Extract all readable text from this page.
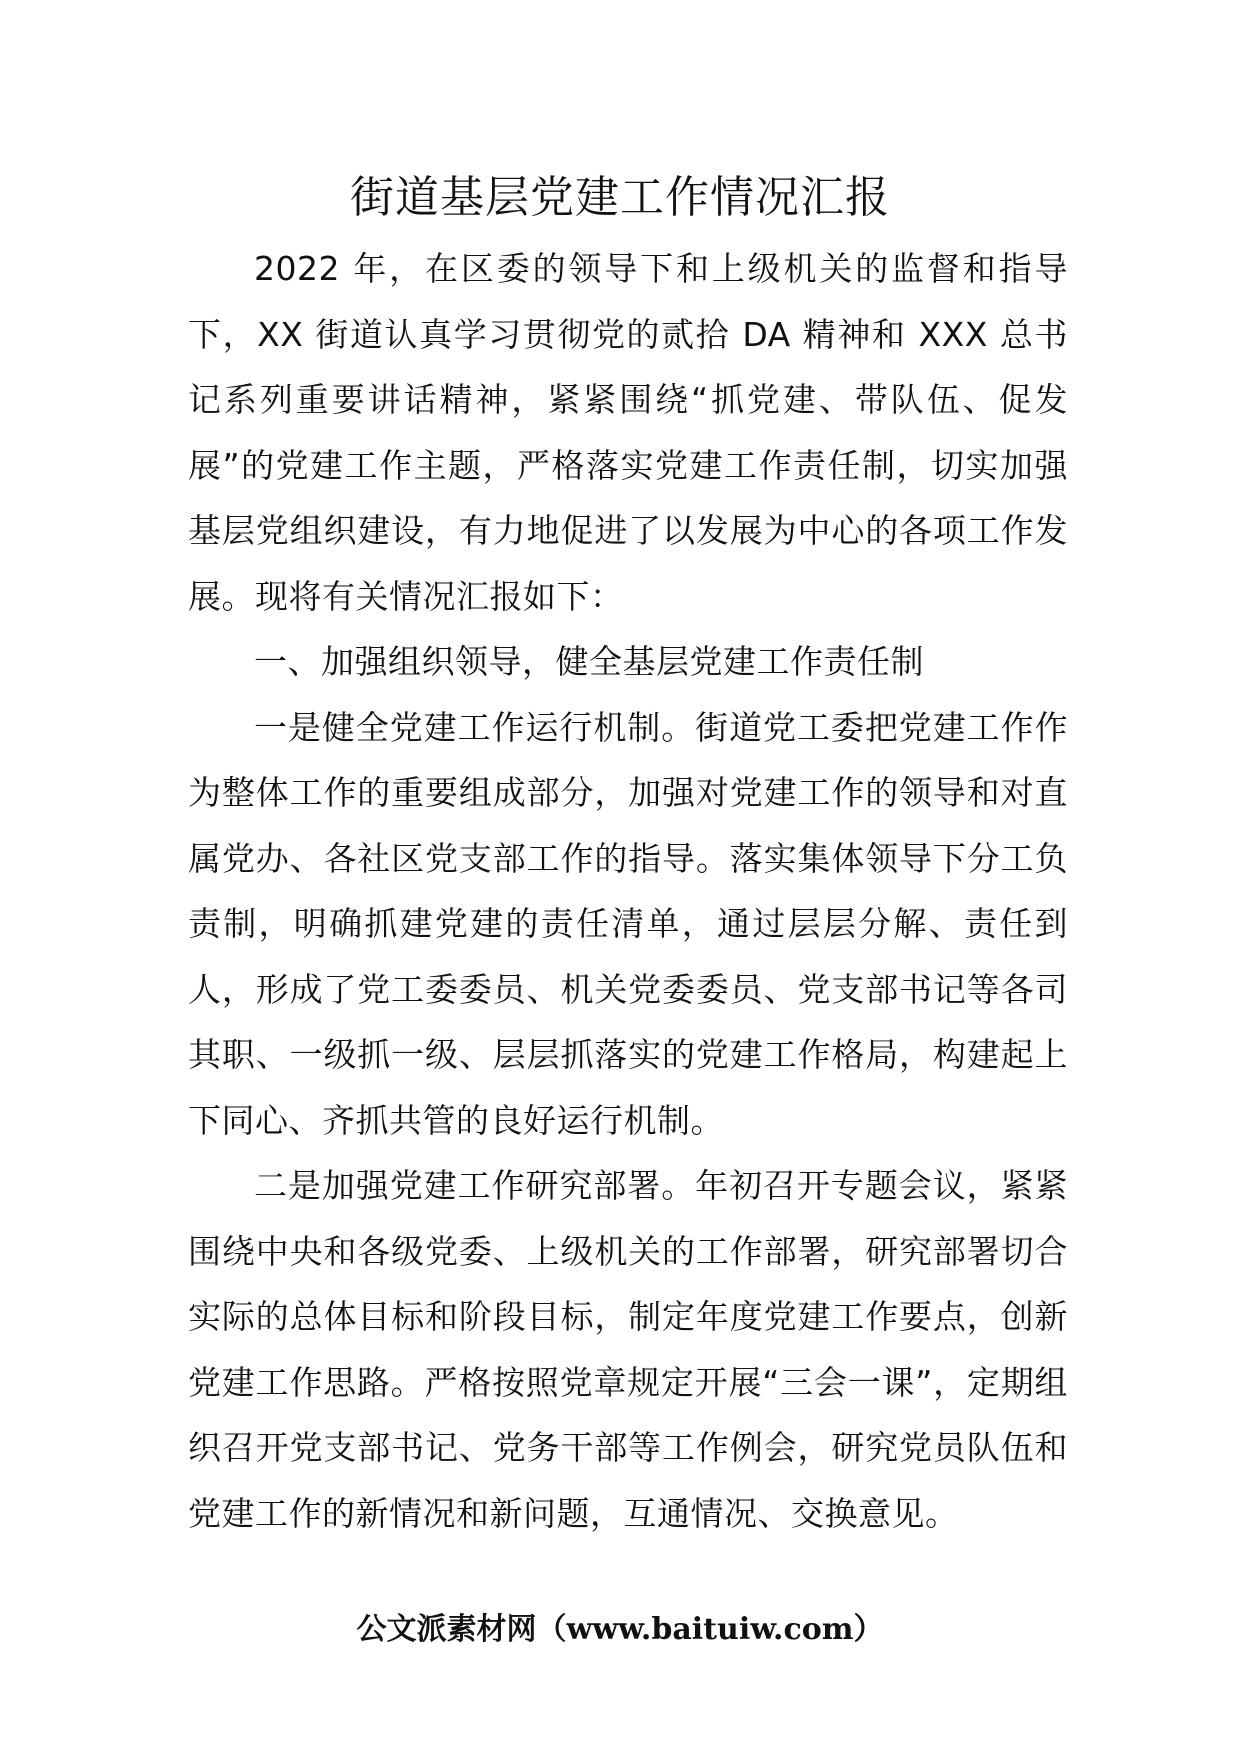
街道基层党建工作情况汇报

2022 年，在区委的领导下和上级机关的监督和指导下，XX 街道认真学习贯彻党的贰拾 DA 精神和 XXX 总书记系列重要讲话精神，紧紧围绕“抓党建、带队伍、促发展”的党建工作主题，严格落实党建工作责任制，切实加强基层党组织建设，有力地促进了以发展为中心的各项工作发展。现将有关情况汇报如下：

一、加强组织领导，健全基层党建工作责任制

一是健全党建工作运行机制。街道党工委把党建工作作为整体工作的重要组成部分，加强对党建工作的领导和对直属党办、各社区党支部工作的指导。落实集体领导下分工负责制，明确抓建党建的责任清单，通过层层分解、责任到人，形成了党工委委员、机关党委委员、党支部书记等各司其职、一级抓一级、层层抓落实的党建工作格局，构建起上下同心、齐抓共管的良好运行机制。

二是加强党建工作研究部署。年初召开专题会议，紧紧围绕中央和各级党委、上级机关的工作部署，研究部署切合实际的总体目标和阶段目标，制定年度党建工作要点，创新党建工作思路。严格按照党章规定开展“三会一课”，定期组织召开党支部书记、党务干部等工作例会，研究党员队伍和党建工作的新情况和新问题，互通情况、交换意见。

公文派素材网（www.baituiw.com）
